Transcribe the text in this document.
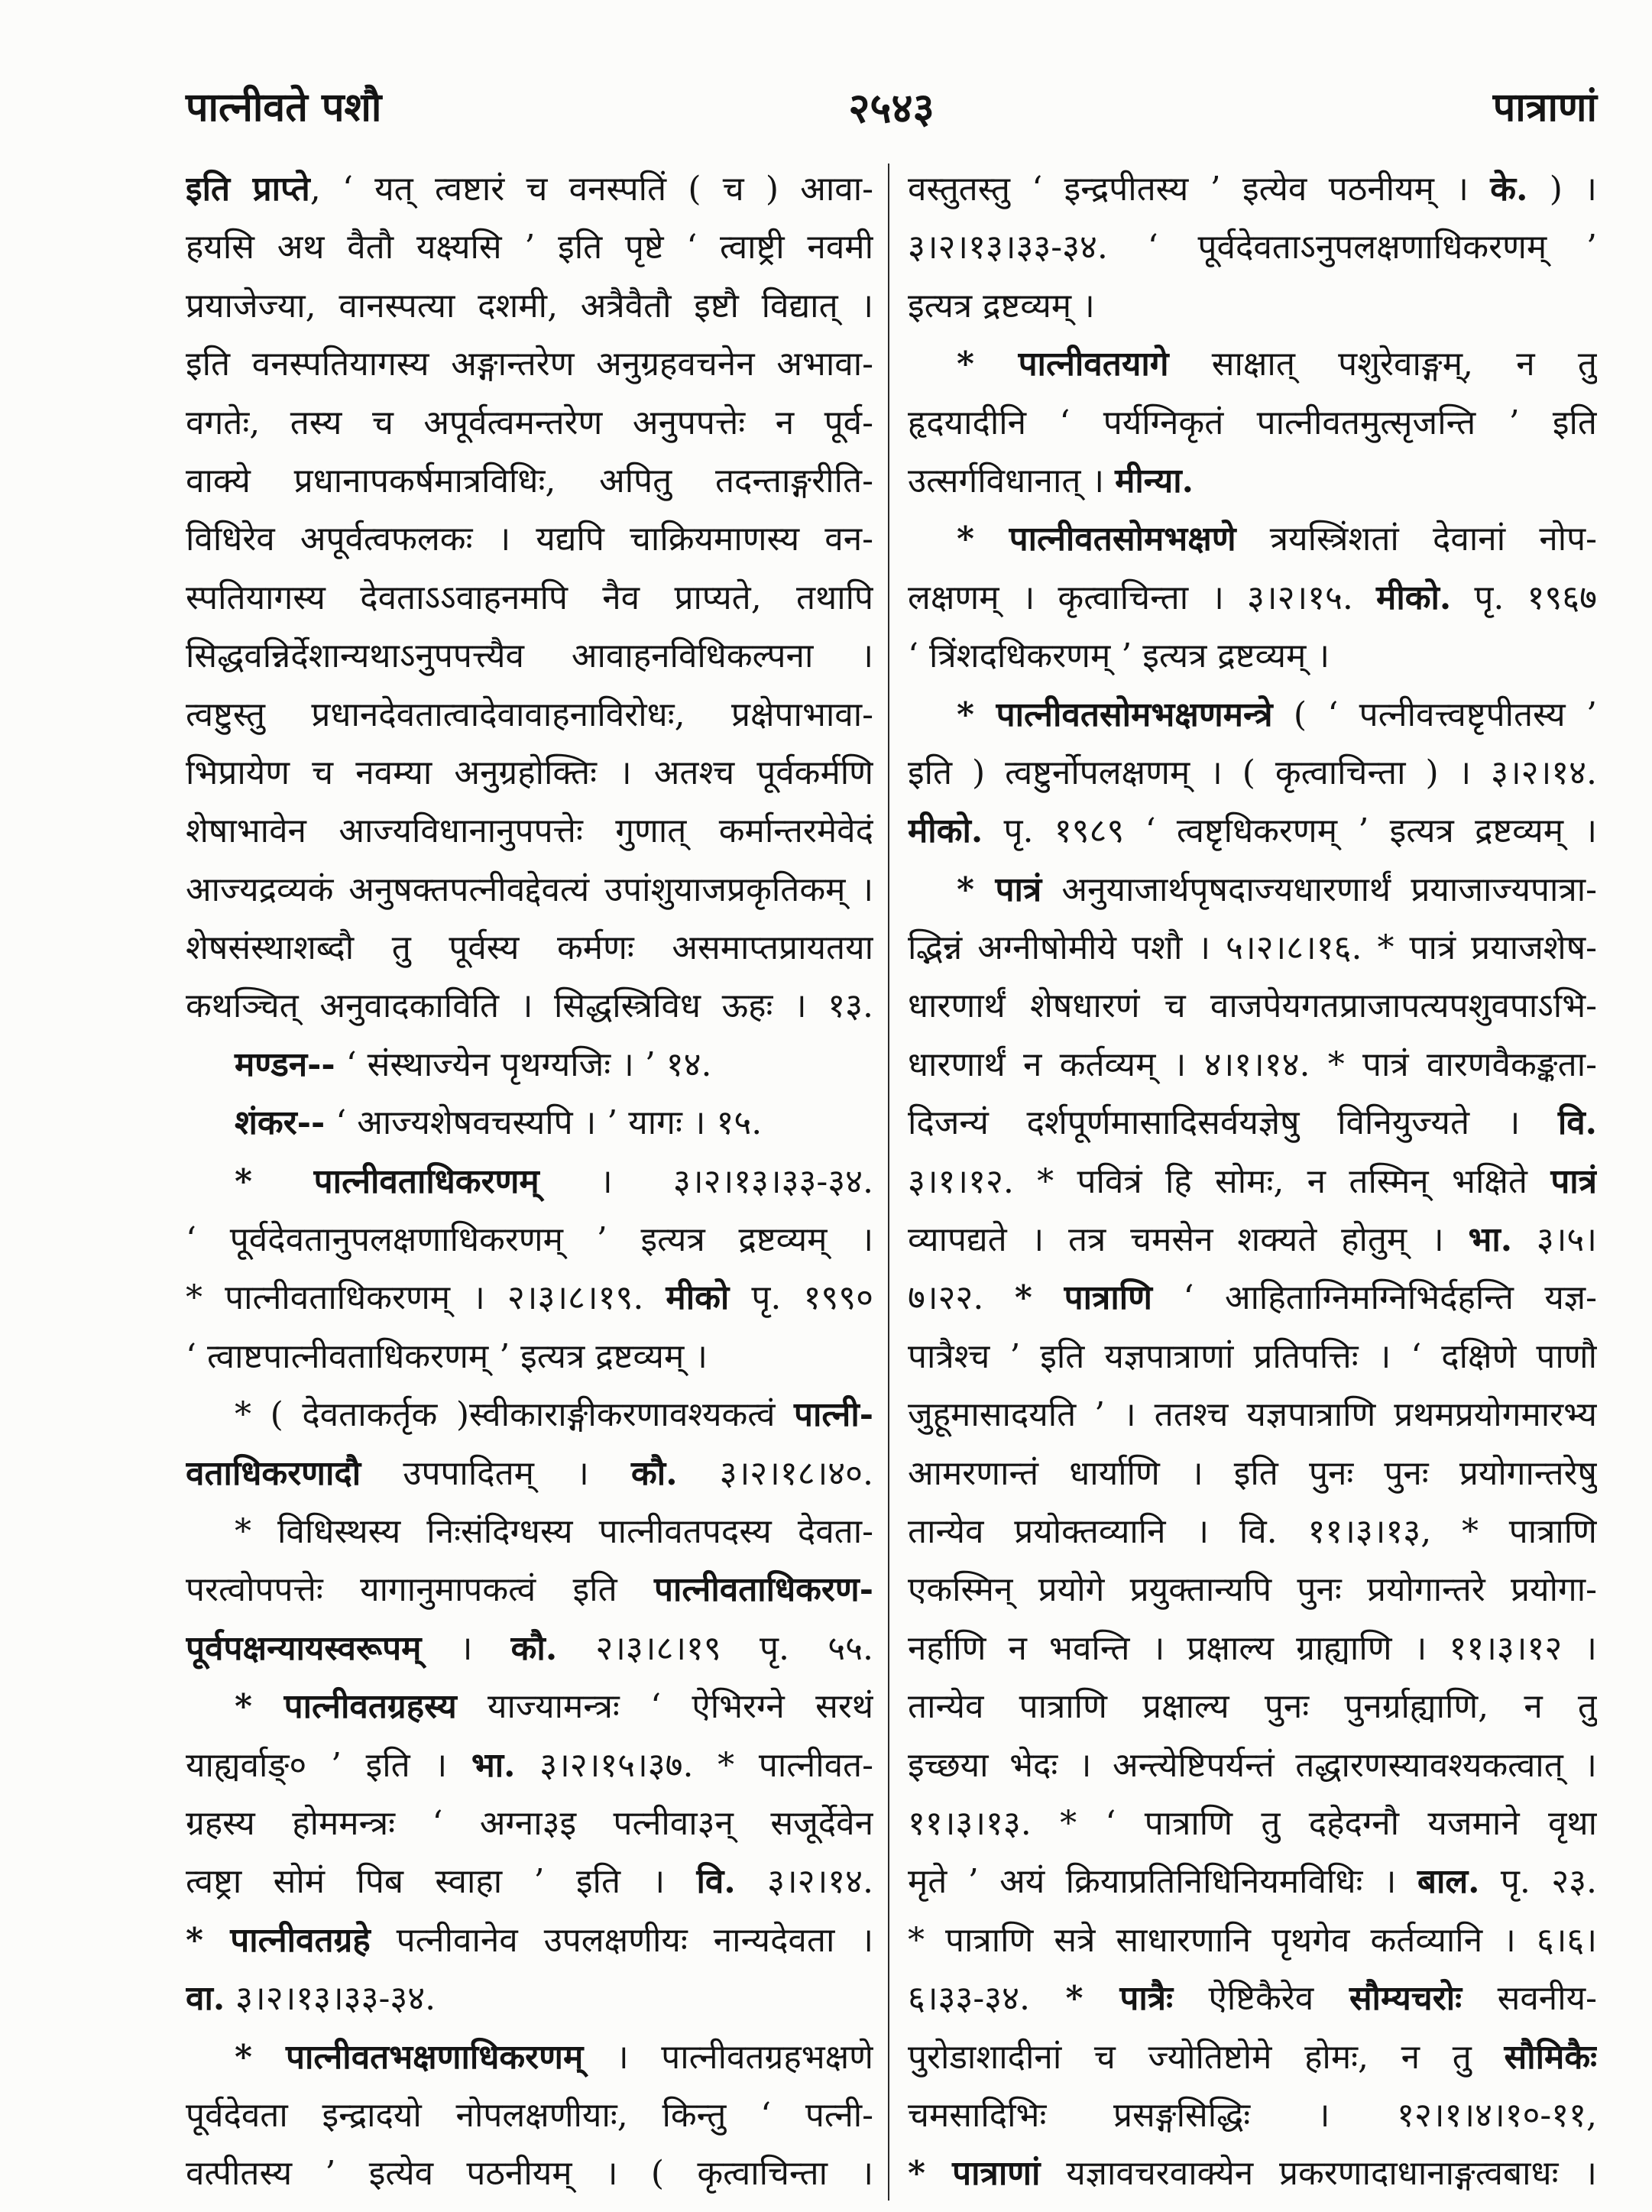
पात्नीवते पशौ	२५४३	पात्राणां
इति प्राप्ते, ‘ यत् त्वष्टारं च वनस्पतिं ( च ) आवा-
हयसि अथ वैतौ यक्ष्यसि ’ इति पृष्टे ‘ त्वाष्ट्री नवमी
प्रयाजेज्या, वानस्पत्या दशमी, अत्रैवैतौ इष्टौ विद्यात् ।
इति वनस्पतियागस्य अङ्गान्तरेण अनुग्रहवचनेन अभावा-
वगतेः, तस्य च अपूर्वत्वमन्तरेण अनुपपत्तेः न पूर्व-
वाक्ये प्रधानापकर्षमात्रविधिः, अपितु तदन्ताङ्गरीति-
विधिरेव अपूर्वत्वफलकः । यद्यपि चाक्रियमाणस्य वन-
स्पतियागस्य देवताऽऽवाहनमपि नैव प्राप्यते, तथापि
सिद्धवन्निर्देशान्यथाऽनुपपत्त्यैव आवाहनविधिकल्पना ।
त्वष्टुस्तु प्रधानदेवतात्वादेवावाहनाविरोधः, प्रक्षेपाभावा-
भिप्रायेण च नवम्या अनुग्रहोक्तिः । अतश्च पूर्वकर्मणि
शेषाभावेन आज्यविधानानुपपत्तेः गुणात् कर्मान्तरमेवेदं
आज्यद्रव्यकं अनुषक्तपत्नीवद्देवत्यं उपांशुयाजप्रकृतिकम् ।
शेषसंस्थाशब्दौ तु पूर्वस्य कर्मणः असमाप्तप्रायतया
कथञ्चित् अनुवादकाविति । सिद्धस्त्रिविध ऊहः । १३.
मण्डन-- ‘ संस्थाज्येन पृथग्यजिः । ’ १४.
शंकर-- ‘ आज्यशेषवचस्यपि । ’ यागः । १५.
* पात्नीवताधिकरणम् । ३।२।१३।३३-३४.
‘ पूर्वदेवतानुपलक्षणाधिकरणम् ’ इत्यत्र द्रष्टव्यम् ।
* पात्नीवताधिकरणम् । २।३।८।१९. मीको पृ. १९९०
‘ त्वाष्टपात्नीवताधिकरणम् ’ इत्यत्र द्रष्टव्यम् ।
* ( देवताकर्तृक )स्वीकाराङ्गीकरणावश्यकत्वं पात्नी-
वताधिकरणादौ उपपादितम् । कौ. ३।२।१८।४०.
* विधिस्थस्य निःसंदिग्धस्य पात्नीवतपदस्य देवता-
परत्वोपपत्तेः यागानुमापकत्वं इति पात्नीवताधिकरण-
पूर्वपक्षन्यायस्वरूपम् । कौ. २।३।८।१९ पृ. ५५.
* पात्नीवतग्रहस्य याज्यामन्त्रः ‘ ऐभिरग्ने सरथं
याह्यर्वाङ्० ’ इति । भा. ३।२।१५।३७. * पात्नीवत-
ग्रहस्य होममन्त्रः ‘ अग्ना३इ पत्नीवा३न् सजूर्देवेन
त्वष्ट्रा सोमं पिब स्वाहा ’ इति । वि. ३।२।१४.
* पात्नीवतग्रहे पत्नीवानेव उपलक्षणीयः नान्यदेवता ।
वा. ३।२।१३।३३-३४.
* पात्नीवतभक्षणाधिकरणम् । पात्नीवतग्रहभक्षणे
पूर्वदेवता इन्द्रादयो नोपलक्षणीयाः, किन्तु ‘ पत्नी-
वत्पीतस्य ’ इत्येव पठनीयम् । ( कृत्वाचिन्ता ।
वस्तुतस्तु ‘ इन्द्रपीतस्य ’ इत्येव पठनीयम् । के. ) ।
३।२।१३।३३-३४. ‘ पूर्वदेवताऽनुपलक्षणाधिकरणम् ’
इत्यत्र द्रष्टव्यम् ।
* पात्नीवतयागे साक्षात् पशुरेवाङ्गम्, न तु
हृदयादीनि ‘ पर्यग्निकृतं पात्नीवतमुत्सृजन्ति ’ इति
उत्सर्गविधानात् । मीन्या.
* पात्नीवतसोमभक्षणे त्रयस्त्रिंशतां देवानां नोप-
लक्षणम् । कृत्वाचिन्ता । ३।२।१५. मीको. पृ. १९६७
‘ त्रिंशदधिकरणम् ’ इत्यत्र द्रष्टव्यम् ।
* पात्नीवतसोमभक्षणमन्त्रे ( ‘ पत्नीवत्त्वष्टृपीतस्य ’
इति ) त्वष्टुर्नोपलक्षणम् । ( कृत्वाचिन्ता ) । ३।२।१४.
मीको. पृ. १९८९ ‘ त्वष्टृधिकरणम् ’ इत्यत्र द्रष्टव्यम् ।
* पात्रं अनुयाजार्थपृषदाज्यधारणार्थं प्रयाजाज्यपात्रा-
द्भिन्नं अग्नीषोमीये पशौ । ५।२।८।१६. * पात्रं प्रयाजशेष-
धारणार्थं शेषधारणं च वाजपेयगतप्राजापत्यपशुवपाऽभि-
धारणार्थं न कर्तव्यम् । ४।१।१४. * पात्रं वारणवैकङ्कता-
दिजन्यं दर्शपूर्णमासादिसर्वयज्ञेषु विनियुज्यते । वि.
३।१।१२. * पवित्रं हि सोमः, न तस्मिन् भक्षिते पात्रं
व्यापद्यते । तत्र चमसेन शक्यते होतुम् । भा. ३।५।
७।२२. * पात्राणि ‘ आहिताग्निमग्निभिर्दहन्ति यज्ञ-
पात्रैश्च ’ इति यज्ञपात्राणां प्रतिपत्तिः । ‘ दक्षिणे पाणौ
जुहूमासादयति ’ । ततश्च यज्ञपात्राणि प्रथमप्रयोगमारभ्य
आमरणान्तं धार्याणि । इति पुनः पुनः प्रयोगान्तरेषु
तान्येव प्रयोक्तव्यानि । वि. ११।३।१३, * पात्राणि
एकस्मिन् प्रयोगे प्रयुक्तान्यपि पुनः प्रयोगान्तरे प्रयोगा-
नर्हाणि न भवन्ति । प्रक्षाल्य ग्राह्याणि । ११।३।१२ ।
तान्येव पात्राणि प्रक्षाल्य पुनः पुनर्ग्राह्याणि, न तु
इच्छया भेदः । अन्त्येष्टिपर्यन्तं तद्धारणस्यावश्यकत्वात् ।
११।३।१३. * ‘ पात्राणि तु दहेदग्नौ यजमाने वृथा
मृते ’ अयं क्रियाप्रतिनिधिनियमविधिः । बाल. पृ. २३.
* पात्राणि सत्रे साधारणानि पृथगेव कर्तव्यानि । ६।६।
६।३३-३४. * पात्रैः ऐष्टिकैरेव सौम्यचरोः सवनीय-
पुरोडाशादीनां च ज्योतिष्टोमे होमः, न तु सौमिकैः
चमसादिभिः प्रसङ्गसिद्धिः । १२।१।४।१०-११,
* पात्राणां यज्ञावचरवाक्येन प्रकरणादाधानाङ्गत्वबाधः ।
